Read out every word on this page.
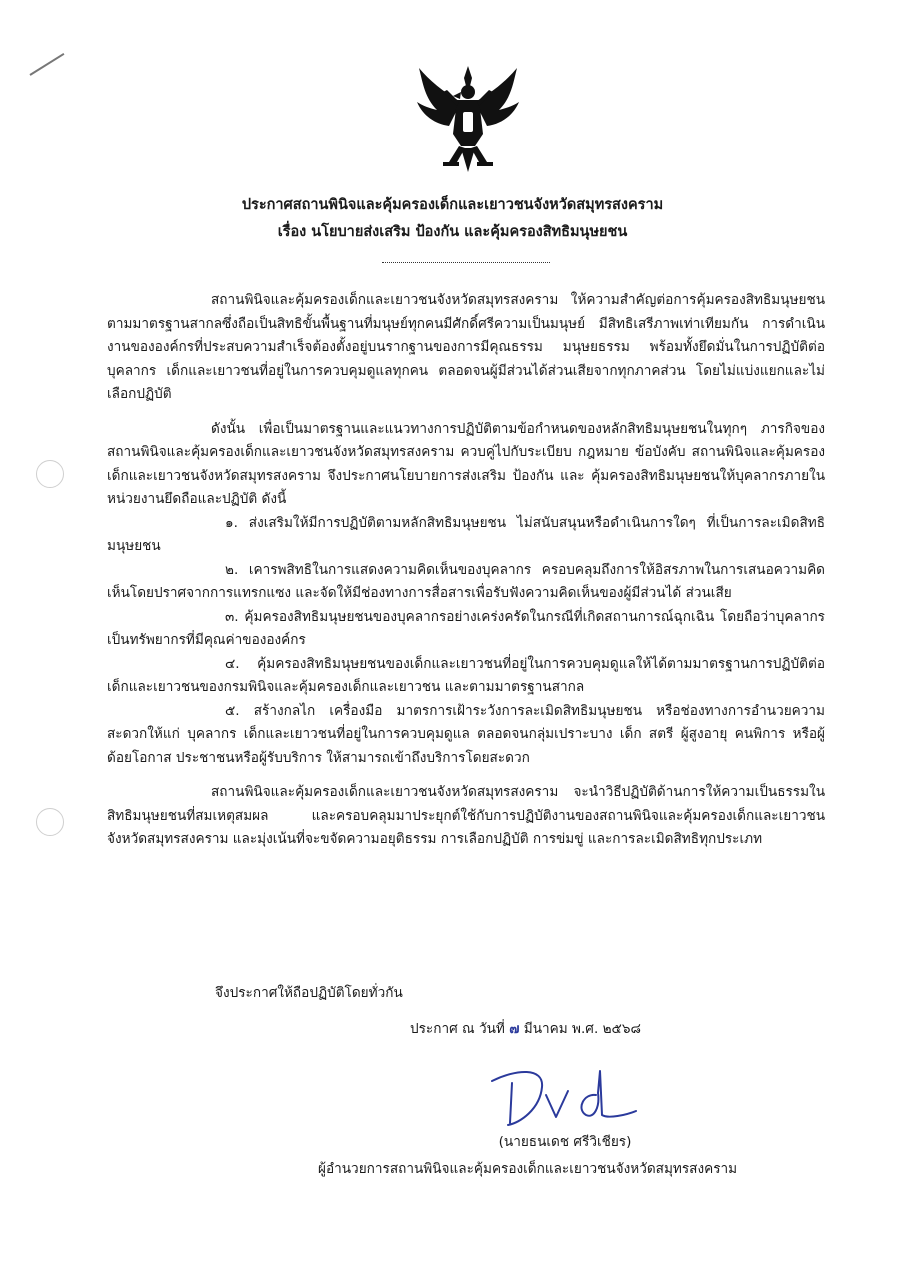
ประกาศสถานพินิจและคุ้มครองเด็กและเยาวชนจังหวัดสมุทรสงคราม
เรื่อง นโยบายส่งเสริม ป้องกัน และคุ้มครองสิทธิมนุษยชน

สถานพินิจและคุ้มครองเด็กและเยาวชนจังหวัดสมุทรสงคราม ให้ความสำคัญต่อการคุ้มครองสิทธิมนุษยชนตามมาตรฐานสากลซึ่งถือเป็นสิทธิขั้นพื้นฐานที่มนุษย์ทุกคนมีศักดิ์ศรีความเป็นมนุษย์ มีสิทธิเสรีภาพเท่าเทียมกัน การดำเนินงานขององค์กรที่ประสบความสำเร็จต้องตั้งอยู่บนรากฐานของการมีคุณธรรม มนุษยธรรม พร้อมทั้งยึดมั่นในการปฏิบัติต่อบุคลากร เด็กและเยาวชนที่อยู่ในการควบคุมดูแลทุกคน ตลอดจนผู้มีส่วนได้ส่วนเสียจากทุกภาคส่วน โดยไม่แบ่งแยกและไม่เลือกปฏิบัติ

ดังนั้น เพื่อเป็นมาตรฐานและแนวทางการปฏิบัติตามข้อกำหนดของหลักสิทธิมนุษยชนในทุกๆ ภารกิจของสถานพินิจและคุ้มครองเด็กและเยาวชนจังหวัดสมุทรสงคราม ควบคู่ไปกับระเบียบ กฎหมาย ข้อบังคับ สถานพินิจและคุ้มครองเด็กและเยาวชนจังหวัดสมุทรสงคราม จึงประกาศนโยบายการส่งเสริม ป้องกัน และ คุ้มครองสิทธิมนุษยชนให้บุคลากรภายในหน่วยงานยึดถือและปฏิบัติ ดังนี้

๑. ส่งเสริมให้มีการปฏิบัติตามหลักสิทธิมนุษยชน ไม่สนับสนุนหรือดำเนินการใดๆ ที่เป็นการละเมิดสิทธิมนุษยชน

๒. เคารพสิทธิในการแสดงความคิดเห็นของบุคลากร ครอบคลุมถึงการให้อิสรภาพในการเสนอความคิดเห็นโดยปราศจากการแทรกแซง และจัดให้มีช่องทางการสื่อสารเพื่อรับฟังความคิดเห็นของผู้มีส่วนได้ ส่วนเสีย

๓. คุ้มครองสิทธิมนุษยชนของบุคลากรอย่างเคร่งครัดในกรณีที่เกิดสถานการณ์ฉุกเฉิน โดยถือว่าบุคลากรเป็นทรัพยากรที่มีคุณค่าขององค์กร

๔. คุ้มครองสิทธิมนุษยชนของเด็กและเยาวชนที่อยู่ในการควบคุมดูแลให้ได้ตามมาตรฐานการปฏิบัติต่อเด็กและเยาวชนของกรมพินิจและคุ้มครองเด็กและเยาวชน และตามมาตรฐานสากล

๕. สร้างกลไก เครื่องมือ มาตรการเฝ้าระวังการละเมิดสิทธิมนุษยชน หรือช่องทางการอำนวยความสะดวกให้แก่ บุคลากร เด็กและเยาวชนที่อยู่ในการควบคุมดูแล ตลอดจนกลุ่มเปราะบาง เด็ก สตรี ผู้สูงอายุ คนพิการ หรือผู้ด้อยโอกาส ประชาชนหรือผู้รับบริการ ให้สามารถเข้าถึงบริการโดยสะดวก

สถานพินิจและคุ้มครองเด็กและเยาวชนจังหวัดสมุทรสงคราม จะนำวิธีปฏิบัติด้านการให้ความเป็นธรรมในสิทธิมนุษยชนที่สมเหตุสมผล และครอบคลุมมาประยุกต์ใช้กับการปฏิบัติงานของสถานพินิจและคุ้มครองเด็กและเยาวชนจังหวัดสมุทรสงคราม และมุ่งเน้นที่จะขจัดความอยุติธรรม การเลือกปฏิบัติ การข่มขู่ และการละเมิดสิทธิทุกประเภท

จึงประกาศให้ถือปฏิบัติโดยทั่วกัน
ประกาศ ณ วันที่ ๗ มีนาคม พ.ศ. ๒๕๖๘
(นายธนเดช ศรีวิเชียร)
ผู้อำนวยการสถานพินิจและคุ้มครองเด็กและเยาวชนจังหวัดสมุทรสงคราม
